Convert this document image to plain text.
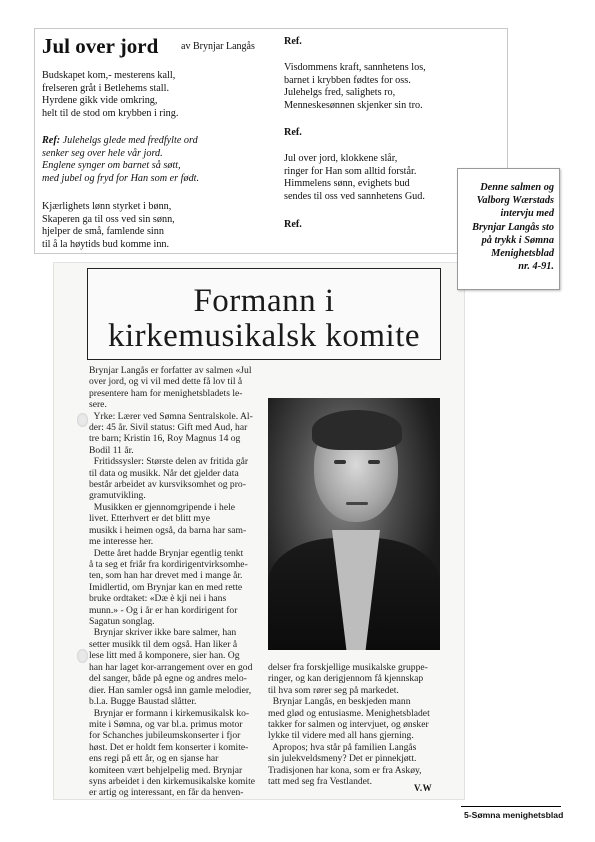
Jul over jord av Brynjar Langås
Budskapet kom,- mesterens kall,
frelseren gråt i Betlehems stall.
Hyrdene gikk vide omkring,
helt til de stod om krybben i ring.
Ref: Julehelgs glede med fredfylte ord
senker seg over hele vår jord.
Englene synger om barnet så søtt,
med jubel og fryd for Han som er født.
Kjærlighets lønn styrket i bønn,
Skaperen ga til oss ved sin sønn,
hjelper de små, famlende sinn
til å la høytids bud komme inn.
Ref.
Visdommens kraft, sannhetens los,
barnet i krybben fødtes for oss.
Julehelgs fred, salighets ro,
Menneskesønnen skjenker sin tro.
Ref.
Jul over jord, klokkene slår,
ringer for Han som alltid forstår.
Himmelens sønn, evighets bud
sendes til oss ved sannhetens Gud.
Ref.
Formann i
kirkemusikalsk komite
Brynjar Langås er forfatter av salmen «Jul
over jord, og vi vil med dette få lov til å
presentere ham for menighetsbladets le-
sere.
Yrke: Lærer ved Sømna Sentralskole. Al-
der: 45 år. Sivil status: Gift med Aud, har
tre barn; Kristin 16, Roy Magnus 14 og
Bodil 11 år.
Fritidssysler: Største delen av fritida går
til data og musikk. Når det gjelder data
består arbeidet av kursviksomhet og pro-
gramutvikling.
Musikken er gjennomgripende i hele
livet. Etterhvert er det blitt mye
musikk i heimen også, da barna har sam-
me interesse her.
Dette året hadde Brynjar egentlig tenkt
å ta seg et friår fra kordirigentvirksomhe-
ten, som han har drevet med i mange år.
Imidlertid, om Brynjar kan en med rette
bruke ordtaket: «Dæ è kji nei i hans
munn.» - Og i år er han kordirigent for
Sagatun songlag.
Brynjar skriver ikke bare salmer, han
setter musikk til dem også. Han liker å
lese litt med å komponere, sier han. Og
han har laget kor-arrangement over en god
del sanger, både på egne og andres melo-
dier. Han samler også inn gamle melodier,
b.l.a. Bugge Baustad slåtter.
Brynjar er formann i kirkemusikalsk ko-
mite i Sømna, og var bl.a. primus motor
for Schanches jubileumskonserter i fjor
høst. Det er holdt fem konserter i komite-
ens regi på ett år, og en sjanse har
komiteen vært behjelpelig med. Brynjar
syns arbeidet i den kirkemusikalske komite
er artig og interessant, en får da henven-
delser fra forskjellige musikalske gruppe-
ringer, og kan derigjennom få kjennskap
til hva som rører seg på markedet.
Brynjar Langås, en beskjeden mann
med glød og entusiasme. Menighetsbladet
takker for salmen og intervjuet, og ønsker
lykke til videre med all hans gjerning.
Apropos; hva står på familien Langås
sin julekveldsmeny? Det er pinnekjøtt.
Tradisjonen har kona, som er fra Askøy,
tatt med seg fra Vestlandet.
V.W
Denne salmen og
Valborg Wærstads
intervju med
Brynjar Langås sto
på trykk i Sømna
Menighetsblad
nr. 4-91.
5-Sømna menighetsblad
